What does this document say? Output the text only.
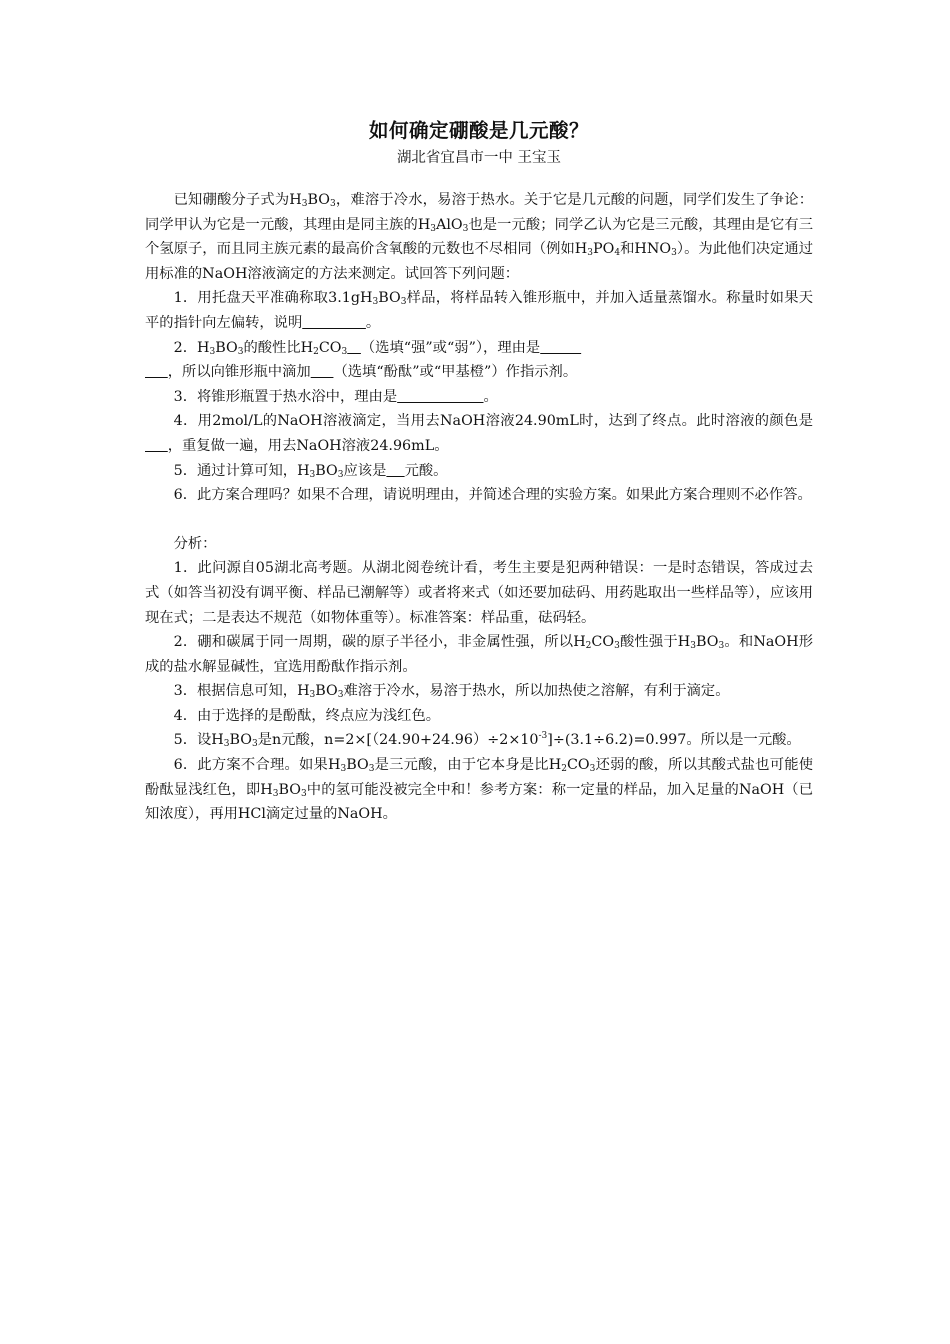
如何确定硼酸是几元酸？
湖北省宜昌市一中 王宝玉

已知硼酸分子式为$H_3BO_3$，难溶于冷水，易溶于热水。关于它是几元酸的问题，同学们发生了争论：同学甲认为它是一元酸，其理由是同主族的$H_3AlO_3$也是一元酸；同学乙认为它是三元酸，其理由是它有三个氢原子，而且同主族元素的最高价含氧酸的元数也不尽相同（例如$H_3PO_4$和$HNO_3$）。为此他们决定通过用标准的NaOH溶液滴定的方法来测定。试回答下列问题：

1．用托盘天平准确称取$3.1gH_3BO_3$样品，将样品转入锥形瓶中，并加入适量蒸馏水。称量时如果天平的指针向左偏转，说明	。

2．$H_3BO_3$的酸性比$H_2CO_3$ （选填“强”或“弱”），理由是
，所以向锥形瓶中滴加 （选填“酚酞”或“甲基橙”）作指示剂。

3．将锥形瓶置于热水浴中，理由是	。

4．用2mol/L的NaOH溶液滴定，当用去NaOH溶液24.90mL时，达到了终点。此时溶液的颜色是     ，重复做一遍，用去NaOH溶液24.96mL。

5．通过计算可知，$H_3BO_3$应该是 元酸。

6．此方案合理吗？如果不合理，请说明理由，并简述合理的实验方案。如果此方案合理则不必作答。

分析：

1．此问源自05湖北高考题。从湖北阅卷统计看，考生主要是犯两种错误：一是时态错误，答成过去式（如答当初没有调平衡、样品已潮解等）或者将来式（如还要加砝码、用药匙取出一些样品等），应该用现在式；二是表达不规范（如物体重等）。标准答案：样品重，砝码轻。

2．硼和碳属于同一周期，碳的原子半径小，非金属性强，所以$H_2CO_3$酸性强于$H_3BO_3$。和NaOH形成的盐水解显碱性，宜选用酚酞作指示剂。

3．根据信息可知，$H_3BO_3$难溶于冷水，易溶于热水，所以加热使之溶解，有利于滴定。

4．由于选择的是酚酞，终点应为浅红色。

5．设$H_3BO_3$是n元酸，$n=2\times[(24.90+24.96)\div 2\times 10^{-3}]\div(3.1\div 6.2)=0.997$。所以是一元酸。

6．此方案不合理。如果$H_3BO_3$是三元酸，由于它本身是比$H_2CO_3$还弱的酸，所以其酸式盐也可能使酚酞显浅红色，即$H_3BO_3$中的氢可能没被完全中和！参考方案：称一定量的样品，加入足量的NaOH（已知浓度），再用HCl滴定过量的NaOH。
